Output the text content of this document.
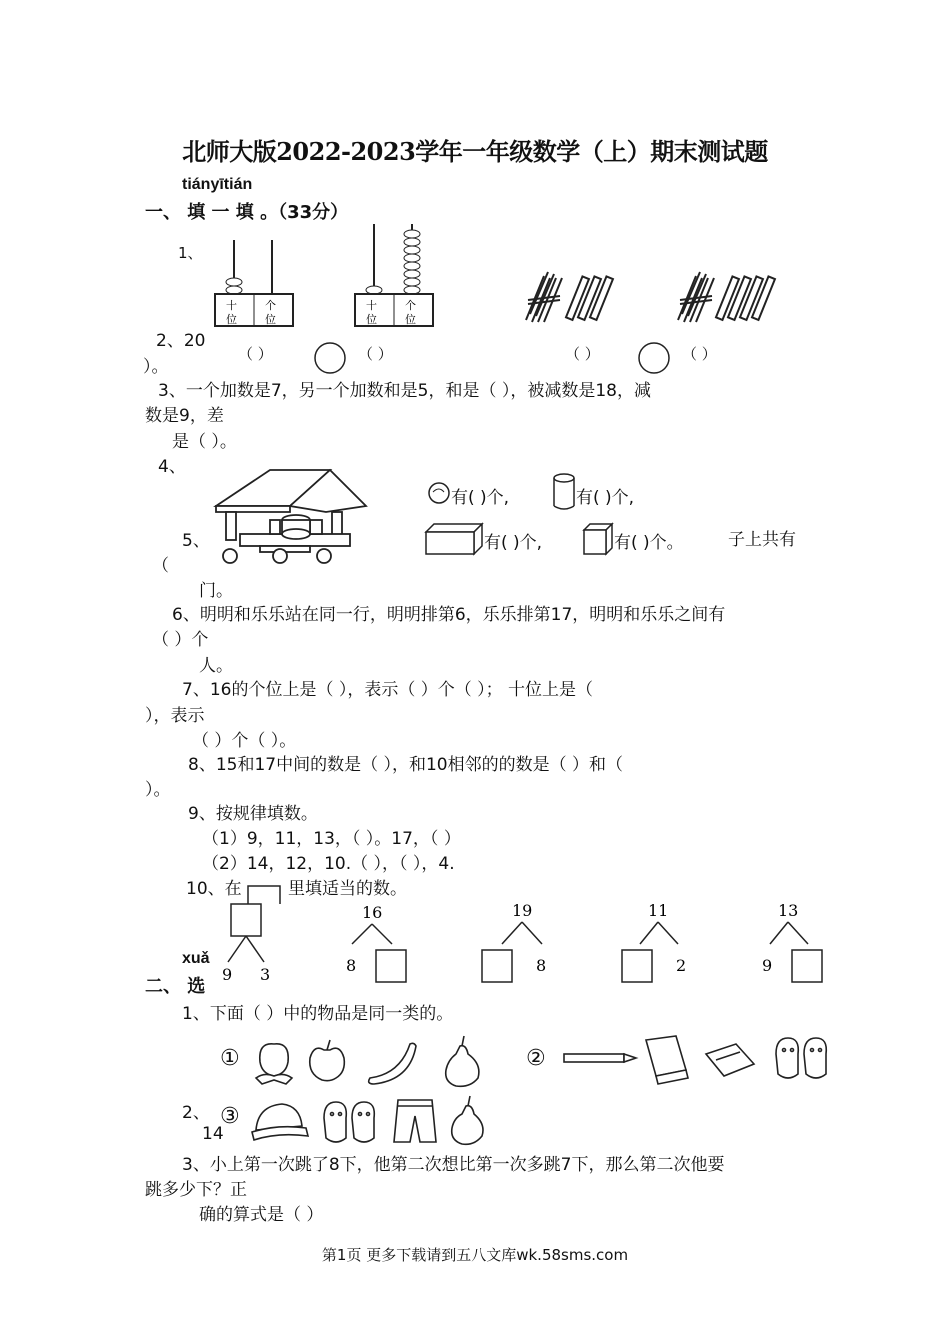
北师大版2022-2023学年一年级数学（上）期末测试题
tiányītián
一、 填 一 填 。（33分）
1、
十
位
个
位
十
位
个
位
2、20
）。
（ ）	（ ）	（ ）	（ ）
3、一个加数是7，另一个加数和是5，和是（ ），被减数是18，减
数是9，差
是（ ）。
4、
有( )个,	有( )个,
有( )个,	有( )个。
5、	子上共有
（
门。
6、明明和乐乐站在同一行，明明排第6，乐乐排第17，明明和乐乐之间有
（ ）个
人。
7、16的个位上是（ ），表示（ ）个（ ）； 十位上是（
），表示
（ ）个（ ）。
8、15和17中间的数是（ ），和10相邻的的数是（ ）和（
）。
9、按规律填数。
（1）9，11，13，（ ）。17，（ ）
（2）14，12，10.（ ），（ ），4.
10、在	里填适当的数。
9 3
16
8
19
8
11
2
13
9
xuǎ
二、 选
1、下面（ ）中的物品是同一类的。
①	②
2、
14
③
3、小上第一次跳了8下，他第二次想比第一次多跳7下，那么第二次他要
跳多少下？正
确的算式是（ ）
第1页 更多下载请到五八文库wk.58sms.com
